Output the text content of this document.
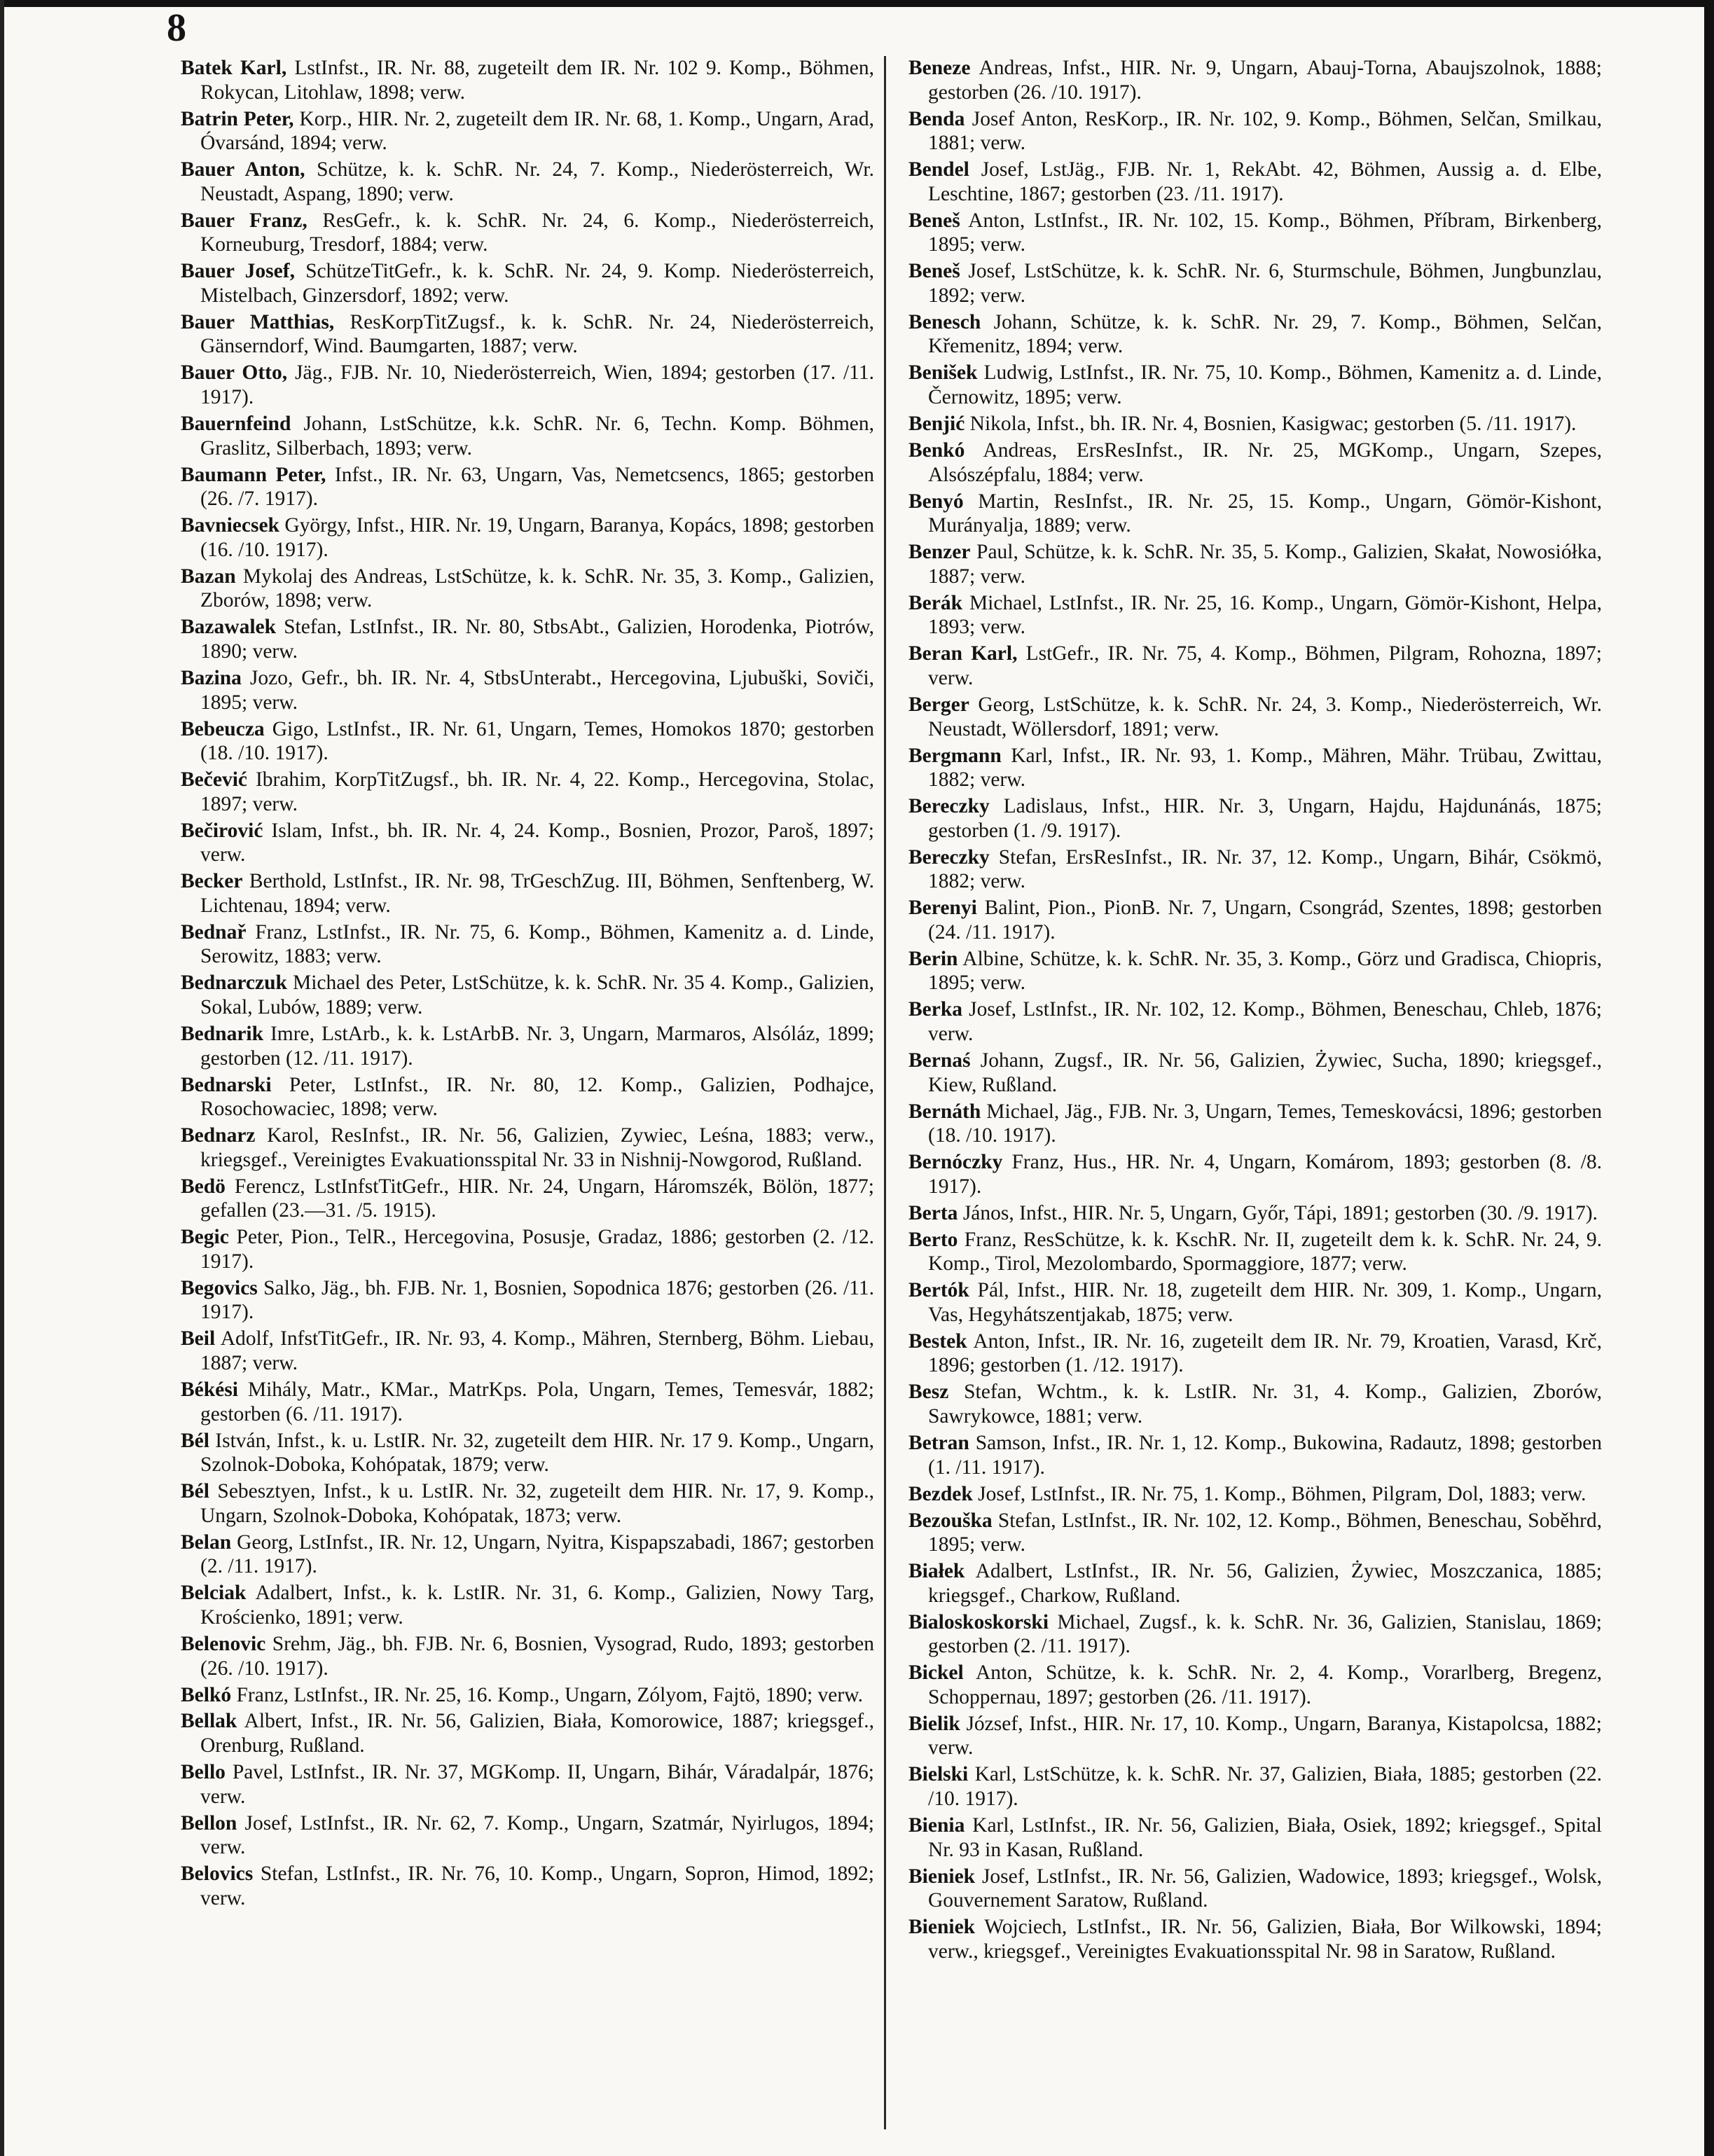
8

Batek Karl, LstInfst., IR. Nr. 88, zugeteilt dem IR. Nr. 102 9. Komp., Böhmen, Rokycan, Litohlaw, 1898; verw.

Batrin Peter, Korp., HIR. Nr. 2, zugeteilt dem IR. Nr. 68, 1. Komp., Ungarn, Arad, Óvarsánd, 1894; verw.

Bauer Anton, Schütze, k. k. SchR. Nr. 24, 7. Komp., Niederösterreich, Wr. Neustadt, Aspang, 1890; verw.

Bauer Franz, ResGefr., k. k. SchR. Nr. 24, 6. Komp., Niederösterreich, Korneuburg, Tresdorf, 1884; verw.

Bauer Josef, SchützeTitGefr., k. k. SchR. Nr. 24, 9. Komp. Niederösterreich, Mistelbach, Ginzersdorf, 1892; verw.

Bauer Matthias, ResKorpTitZugsf., k. k. SchR. Nr. 24, Niederösterreich, Gänserndorf, Wind. Baumgarten, 1887; verw.

Bauer Otto, Jäg., FJB. Nr. 10, Niederösterreich, Wien, 1894; gestorben (17. /11. 1917).

Bauernfeind Johann, LstSchütze, k.k. SchR. Nr. 6, Techn. Komp. Böhmen, Graslitz, Silberbach, 1893; verw.

Baumann Peter, Infst., IR. Nr. 63, Ungarn, Vas, Nemetcsencs, 1865; gestorben (26. /7. 1917).

Bavniecsek György, Infst., HIR. Nr. 19, Ungarn, Baranya, Kopács, 1898; gestorben (16. /10. 1917).

Bazan Mykolaj des Andreas, LstSchütze, k. k. SchR. Nr. 35, 3. Komp., Galizien, Zborów, 1898; verw.

Bazawalek Stefan, LstInfst., IR. Nr. 80, StbsAbt., Galizien, Horodenka, Piotrów, 1890; verw.

Bazina Jozo, Gefr., bh. IR. Nr. 4, StbsUnterabt., Hercegovina, Ljubuški, Soviči, 1895; verw.

Bebeucza Gigo, LstInfst., IR. Nr. 61, Ungarn, Temes, Homokos 1870; gestorben (18. /10. 1917).

Bečević Ibrahim, KorpTitZugsf., bh. IR. Nr. 4, 22. Komp., Hercegovina, Stolac, 1897; verw.

Bečirović Islam, Infst., bh. IR. Nr. 4, 24. Komp., Bosnien, Prozor, Paroš, 1897; verw.

Becker Berthold, LstInfst., IR. Nr. 98, TrGeschZug. III, Böhmen, Senftenberg, W. Lichtenau, 1894; verw.

Bednař Franz, LstInfst., IR. Nr. 75, 6. Komp., Böhmen, Kamenitz a. d. Linde, Serowitz, 1883; verw.

Bednarczuk Michael des Peter, LstSchütze, k. k. SchR. Nr. 35 4. Komp., Galizien, Sokal, Lubów, 1889; verw.

Bednarik Imre, LstArb., k. k. LstArbB. Nr. 3, Ungarn, Marmaros, Alsóláz, 1899; gestorben (12. /11. 1917).

Bednarski Peter, LstInfst., IR. Nr. 80, 12. Komp., Galizien, Podhajce, Rosochowaciec, 1898; verw.

Bednarz Karol, ResInfst., IR. Nr. 56, Galizien, Zywiec, Leśna, 1883; verw., kriegsgef., Vereinigtes Evakuationsspital Nr. 33 in Nishnij-Nowgorod, Rußland.

Bedö Ferencz, LstInfstTitGefr., HIR. Nr. 24, Ungarn, Háromszék, Bölön, 1877; gefallen (23.—31. /5. 1915).

Begic Peter, Pion., TelR., Hercegovina, Posusje, Gradaz, 1886; gestorben (2. /12. 1917).

Begovics Salko, Jäg., bh. FJB. Nr. 1, Bosnien, Sopodnica 1876; gestorben (26. /11. 1917).

Beil Adolf, InfstTitGefr., IR. Nr. 93, 4. Komp., Mähren, Sternberg, Böhm. Liebau, 1887; verw.

Békési Mihály, Matr., KMar., MatrKps. Pola, Ungarn, Temes, Temesvár, 1882; gestorben (6. /11. 1917).

Bél István, Infst., k. u. LstIR. Nr. 32, zugeteilt dem HIR. Nr. 17 9. Komp., Ungarn, Szolnok-Doboka, Kohópatak, 1879; verw.

Bél Sebesztyen, Infst., k u. LstIR. Nr. 32, zugeteilt dem HIR. Nr. 17, 9. Komp., Ungarn, Szolnok-Doboka, Kohópatak, 1873; verw.

Belan Georg, LstInfst., IR. Nr. 12, Ungarn, Nyitra, Kispapszabadi, 1867; gestorben (2. /11. 1917).

Belciak Adalbert, Infst., k. k. LstIR. Nr. 31, 6. Komp., Galizien, Nowy Targ, Krościenko, 1891; verw.

Belenovic Srehm, Jäg., bh. FJB. Nr. 6, Bosnien, Vysograd, Rudo, 1893; gestorben (26. /10. 1917).

Belkó Franz, LstInfst., IR. Nr. 25, 16. Komp., Ungarn, Zólyom, Fajtö, 1890; verw.

Bellak Albert, Infst., IR. Nr. 56, Galizien, Biała, Komorowice, 1887; kriegsgef., Orenburg, Rußland.

Bello Pavel, LstInfst., IR. Nr. 37, MGKomp. II, Ungarn, Bihár, Váradalpár, 1876; verw.

Bellon Josef, LstInfst., IR. Nr. 62, 7. Komp., Ungarn, Szatmár, Nyirlugos, 1894; verw.

Belovics Stefan, LstInfst., IR. Nr. 76, 10. Komp., Ungarn, Sopron, Himod, 1892; verw.

Beneze Andreas, Infst., HIR. Nr. 9, Ungarn, Abauj-Torna, Abaujszolnok, 1888; gestorben (26. /10. 1917).

Benda Josef Anton, ResKorp., IR. Nr. 102, 9. Komp., Böhmen, Selčan, Smilkau, 1881; verw.

Bendel Josef, LstJäg., FJB. Nr. 1, RekAbt. 42, Böhmen, Aussig a. d. Elbe, Leschtine, 1867; gestorben (23. /11. 1917).

Beneš Anton, LstInfst., IR. Nr. 102, 15. Komp., Böhmen, Příbram, Birkenberg, 1895; verw.

Beneš Josef, LstSchütze, k. k. SchR. Nr. 6, Sturmschule, Böhmen, Jungbunzlau, 1892; verw.

Benesch Johann, Schütze, k. k. SchR. Nr. 29, 7. Komp., Böhmen, Selčan, Křemenitz, 1894; verw.

Benišek Ludwig, LstInfst., IR. Nr. 75, 10. Komp., Böhmen, Kamenitz a. d. Linde, Černowitz, 1895; verw.

Benjić Nikola, Infst., bh. IR. Nr. 4, Bosnien, Kasigwac; gestorben (5. /11. 1917).

Benkó Andreas, ErsResInfst., IR. Nr. 25, MGKomp., Ungarn, Szepes, Alsószépfalu, 1884; verw.

Benyó Martin, ResInfst., IR. Nr. 25, 15. Komp., Ungarn, Gömör-Kishont, Murányalja, 1889; verw.

Benzer Paul, Schütze, k. k. SchR. Nr. 35, 5. Komp., Galizien, Skałat, Nowosiółka, 1887; verw.

Berák Michael, LstInfst., IR. Nr. 25, 16. Komp., Ungarn, Gömör-Kishont, Helpa, 1893; verw.

Beran Karl, LstGefr., IR. Nr. 75, 4. Komp., Böhmen, Pilgram, Rohozna, 1897; verw.

Berger Georg, LstSchütze, k. k. SchR. Nr. 24, 3. Komp., Niederösterreich, Wr. Neustadt, Wöllersdorf, 1891; verw.

Bergmann Karl, Infst., IR. Nr. 93, 1. Komp., Mähren, Mähr. Trübau, Zwittau, 1882; verw.

Bereczky Ladislaus, Infst., HIR. Nr. 3, Ungarn, Hajdu, Hajdunánás, 1875; gestorben (1. /9. 1917).

Bereczky Stefan, ErsResInfst., IR. Nr. 37, 12. Komp., Ungarn, Bihár, Csökmö, 1882; verw.

Berenyi Balint, Pion., PionB. Nr. 7, Ungarn, Csongrád, Szentes, 1898; gestorben (24. /11. 1917).

Berin Albine, Schütze, k. k. SchR. Nr. 35, 3. Komp., Görz und Gradisca, Chiopris, 1895; verw.

Berka Josef, LstInfst., IR. Nr. 102, 12. Komp., Böhmen, Beneschau, Chleb, 1876; verw.

Bernaś Johann, Zugsf., IR. Nr. 56, Galizien, Żywiec, Sucha, 1890; kriegsgef., Kiew, Rußland.

Bernáth Michael, Jäg., FJB. Nr. 3, Ungarn, Temes, Temeskovácsi, 1896; gestorben (18. /10. 1917).

Bernóczky Franz, Hus., HR. Nr. 4, Ungarn, Komárom, 1893; gestorben (8. /8. 1917).

Berta János, Infst., HIR. Nr. 5, Ungarn, Győr, Tápi, 1891; gestorben (30. /9. 1917).

Berto Franz, ResSchütze, k. k. KschR. Nr. II, zugeteilt dem k. k. SchR. Nr. 24, 9. Komp., Tirol, Mezolombardo, Spormaggiore, 1877; verw.

Bertók Pál, Infst., HIR. Nr. 18, zugeteilt dem HIR. Nr. 309, 1. Komp., Ungarn, Vas, Hegyhátszentjakab, 1875; verw.

Bestek Anton, Infst., IR. Nr. 16, zugeteilt dem IR. Nr. 79, Kroatien, Varasd, Krč, 1896; gestorben (1. /12. 1917).

Besz Stefan, Wchtm., k. k. LstIR. Nr. 31, 4. Komp., Galizien, Zborów, Sawrykowce, 1881; verw.

Betran Samson, Infst., IR. Nr. 1, 12. Komp., Bukowina, Radautz, 1898; gestorben (1. /11. 1917).

Bezdek Josef, LstInfst., IR. Nr. 75, 1. Komp., Böhmen, Pilgram, Dol, 1883; verw.

Bezouška Stefan, LstInfst., IR. Nr. 102, 12. Komp., Böhmen, Beneschau, Soběhrd, 1895; verw.

Białek Adalbert, LstInfst., IR. Nr. 56, Galizien, Żywiec, Moszczanica, 1885; kriegsgef., Charkow, Rußland.

Bialoskoskorski Michael, Zugsf., k. k. SchR. Nr. 36, Galizien, Stanislau, 1869; gestorben (2. /11. 1917).

Bickel Anton, Schütze, k. k. SchR. Nr. 2, 4. Komp., Vorarlberg, Bregenz, Schoppernau, 1897; gestorben (26. /11. 1917).

Bielik József, Infst., HIR. Nr. 17, 10. Komp., Ungarn, Baranya, Kistapolcsa, 1882; verw.

Bielski Karl, LstSchütze, k. k. SchR. Nr. 37, Galizien, Biała, 1885; gestorben (22. /10. 1917).

Bienia Karl, LstInfst., IR. Nr. 56, Galizien, Biała, Osiek, 1892; kriegsgef., Spital Nr. 93 in Kasan, Rußland.

Bieniek Josef, LstInfst., IR. Nr. 56, Galizien, Wadowice, 1893; kriegsgef., Wolsk, Gouvernement Saratow, Rußland.

Bieniek Wojciech, LstInfst., IR. Nr. 56, Galizien, Biała, Bor Wilkowski, 1894; verw., kriegsgef., Vereinigtes Evakuationsspital Nr. 98 in Saratow, Rußland.
